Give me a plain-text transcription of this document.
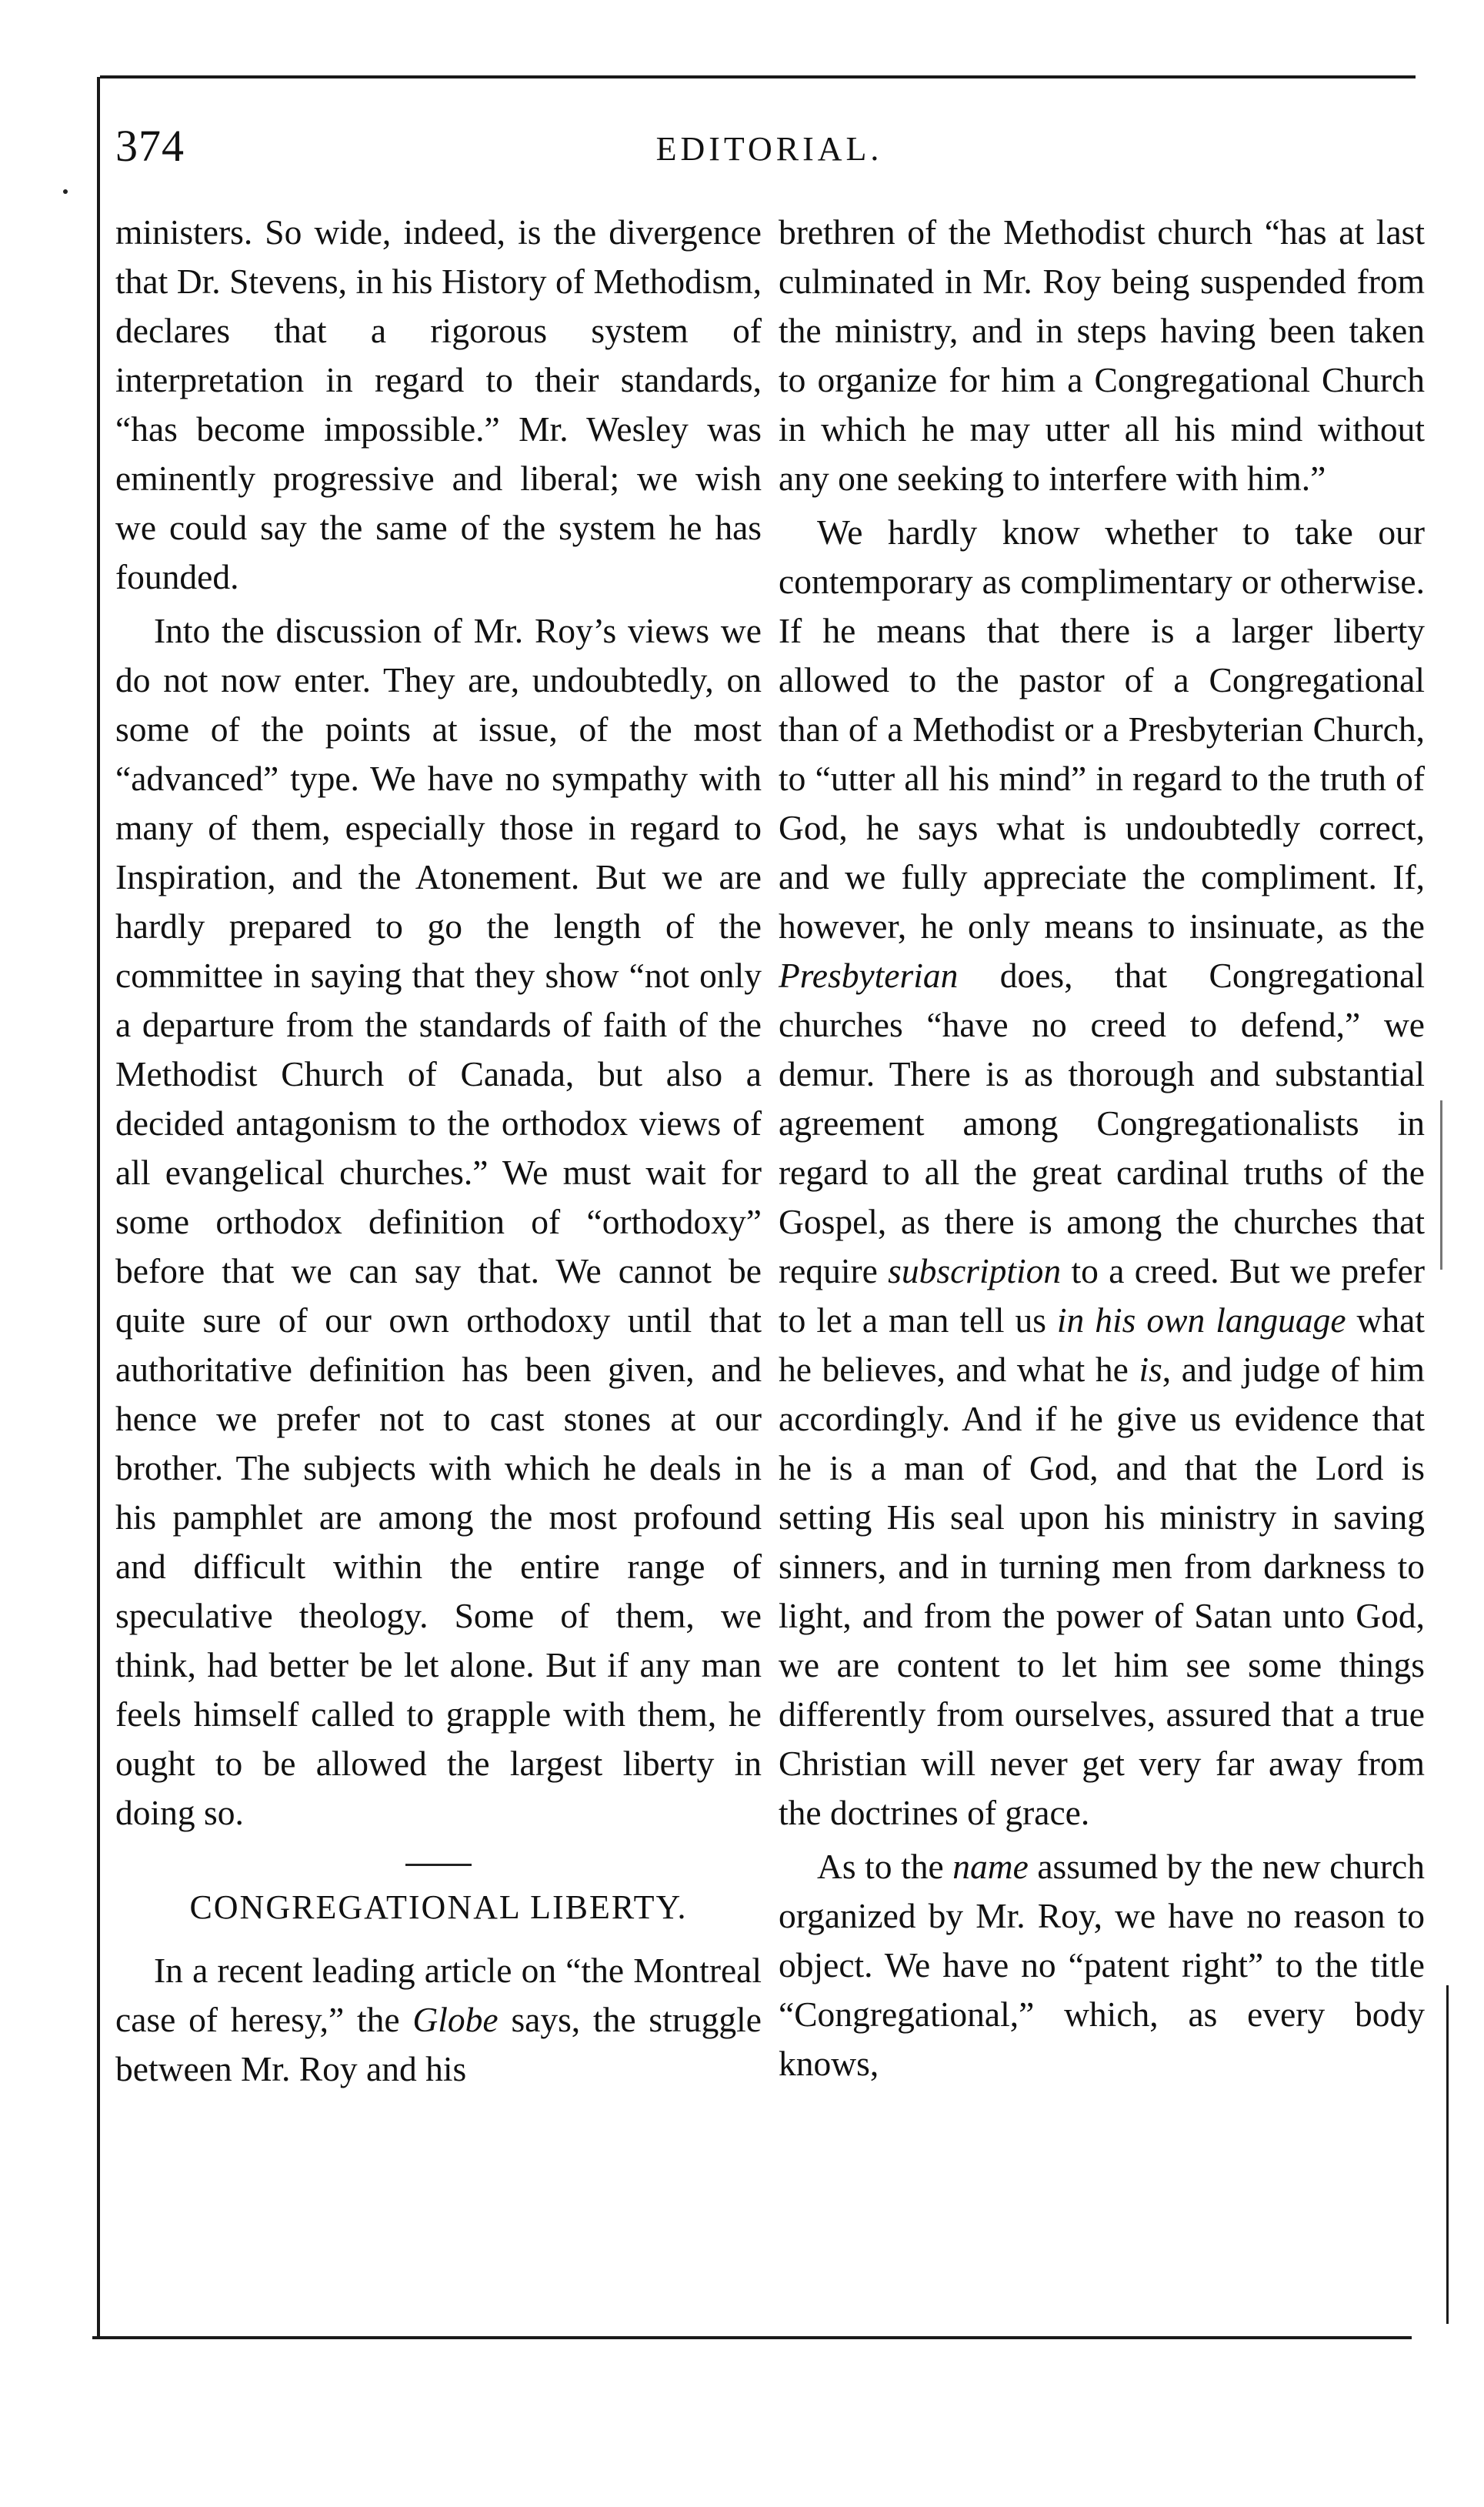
374	EDITORIAL.

ministers. So wide, indeed, is the divergence that Dr. Stevens, in his History of Methodism, declares that a rigorous system of interpretation in regard to their standards, “has become impossible.” Mr. Wesley was eminently progressive and liberal; we wish we could say the same of the system he has founded.

Into the discussion of Mr. Roy’s views we do not now enter. They are, undoubtedly, on some of the points at issue, of the most “advanced” type. We have no sympathy with many of them, especially those in regard to Inspiration, and the Atonement. But we are hardly prepared to go the length of the committee in saying that they show “not only a departure from the standards of faith of the Methodist Church of Canada, but also a decided antagonism to the orthodox views of all evangelical churches.” We must wait for some orthodox definition of “orthodoxy” before that we can say that. We cannot be quite sure of our own orthodoxy until that authoritative definition has been given, and hence we prefer not to cast stones at our brother. The subjects with which he deals in his pamphlet are among the most profound and difficult within the entire range of speculative theology. Some of them, we think, had better be let alone. But if any man feels himself called to grapple with them, he ought to be allowed the largest liberty in doing so.

CONGREGATIONAL LIBERTY.

In a recent leading article on “the Montreal case of heresy,” the Globe says, the struggle between Mr. Roy and his

brethren of the Methodist church “has at last culminated in Mr. Roy being suspended from the ministry, and in steps having been taken to organize for him a Congregational Church in which he may utter all his mind without any one seeking to interfere with him.”

We hardly know whether to take our contemporary as complimentary or otherwise. If he means that there is a larger liberty allowed to the pastor of a Congregational than of a Methodist or a Presbyterian Church, to “utter all his mind” in regard to the truth of God, he says what is undoubtedly correct, and we fully appreciate the compliment. If, however, he only means to insinuate, as the Presbyterian does, that Congregational churches “have no creed to defend,” we demur. There is as thorough and substantial agreement among Congregationalists in regard to all the great cardinal truths of the Gospel, as there is among the churches that require subscription to a creed. But we prefer to let a man tell us in his own language what he believes, and what he is, and judge of him accordingly. And if he give us evidence that he is a man of God, and that the Lord is setting His seal upon his ministry in saving sinners, and in turning men from darkness to light, and from the power of Satan unto God, we are content to let him see some things differently from ourselves, assured that a true Christian will never get very far away from the doctrines of grace.

As to the name assumed by the new church organized by Mr. Roy, we have no reason to object. We have no “patent right” to the title “Congregational,” which, as every body knows,
